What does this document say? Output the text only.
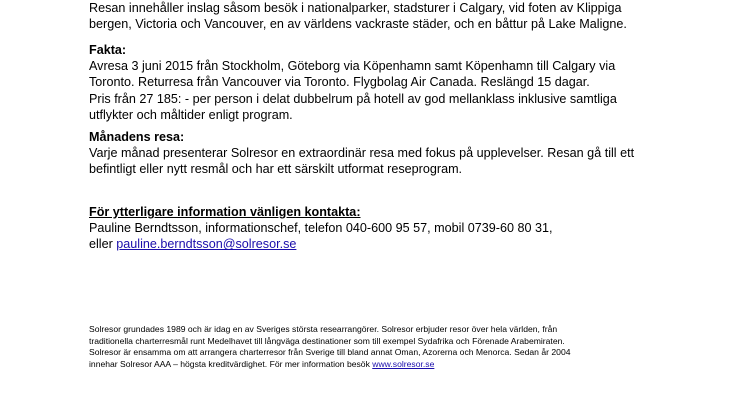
Resan innehåller inslag såsom besök i nationalparker, stadsturer i Calgary, vid foten av Klippiga

bergen, Victoria och Vancouver, en av världens vackraste städer, och en båttur på Lake Maligne.

Fakta:

Avresa 3 juni 2015 från Stockholm, Göteborg via Köpenhamn samt Köpenhamn till Calgary via

Toronto. Returresa från Vancouver via Toronto. Flygbolag Air Canada. Reslängd 15 dagar.

Pris från 27 185: - per person i delat dubbelrum på hotell av god mellanklass inklusive samtliga

utflykter och måltider enligt program.

Månadens resa:

Varje månad presenterar Solresor en extraordinär resa med fokus på upplevelser. Resan gå till ett

befintligt eller nytt resmål och har ett särskilt utformat reseprogram.

För ytterligare information vänligen kontakta:

Pauline Berndtsson, informationschef, telefon 040-600 95 57, mobil 0739-60 80 31,

eller pauline.berndtsson@solresor.se

Solresor grundades 1989 och är idag en av Sveriges största researrangörer. Solresor erbjuder resor över hela världen, från

traditionella charterresmål runt Medelhavet till långväga destinationer som till exempel Sydafrika och Förenade Arabemiraten.

Solresor är ensamma om att arrangera charterresor från Sverige till bland annat Oman, Azorerna och Menorca. Sedan år 2004

innehar Solresor AAA – högsta kreditvärdighet. För mer information besök www.solresor.se
